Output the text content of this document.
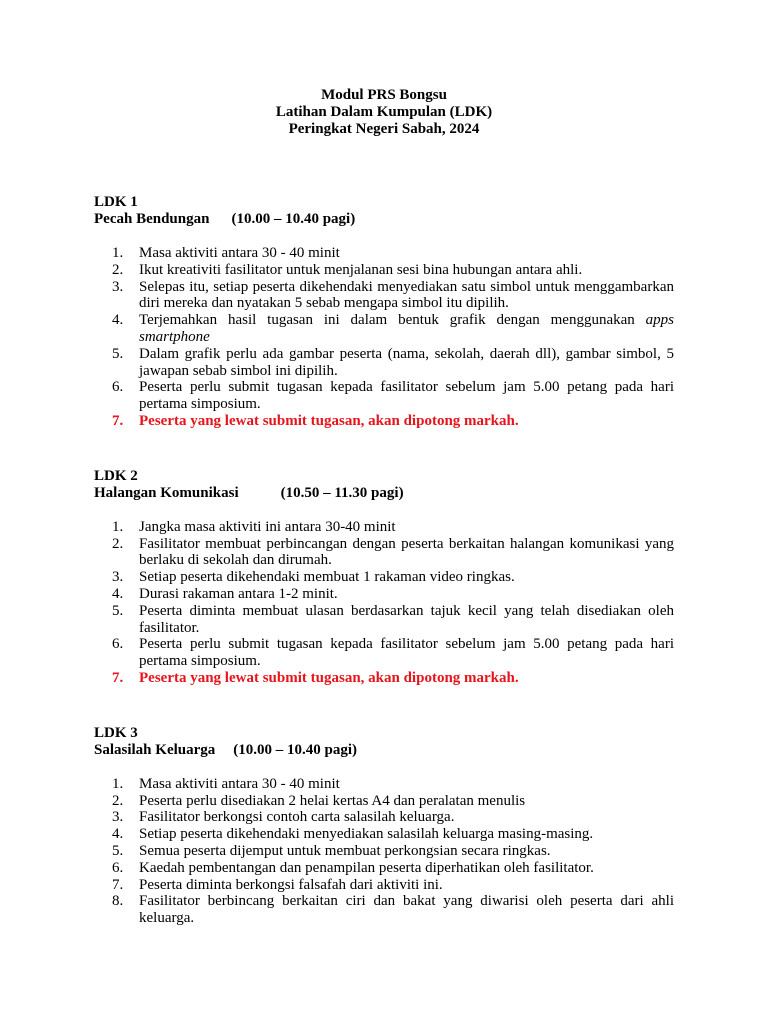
Modul PRS Bongsu
Latihan Dalam Kumpulan (LDK)
Peringkat Negeri Sabah, 2024
LDK 1
Pecah Bendungan (10.00 – 10.40 pagi)
1.	Masa aktiviti antara 30 - 40 minit
2.	Ikut kreativiti fasilitator untuk menjalanan sesi bina hubungan antara ahli.
3.	Selepas itu, setiap peserta dikehendaki menyediakan satu simbol untuk menggambarkan diri mereka dan nyatakan 5 sebab mengapa simbol itu dipilih.
4.	Terjemahkan hasil tugasan ini dalam bentuk grafik dengan menggunakan apps smartphone
5.	Dalam grafik perlu ada gambar peserta (nama, sekolah, daerah dll), gambar simbol, 5 jawapan sebab simbol ini dipilih.
6.	Peserta perlu submit tugasan kepada fasilitator sebelum jam 5.00 petang pada hari pertama simposium.
7.	Peserta yang lewat submit tugasan, akan dipotong markah.
LDK 2
Halangan Komunikasi	(10.50 – 11.30 pagi)
1.	Jangka masa aktiviti ini antara 30-40 minit
2.	Fasilitator membuat perbincangan dengan peserta berkaitan halangan komunikasi yang berlaku di sekolah dan dirumah.
3.	Setiap peserta dikehendaki membuat 1 rakaman video ringkas.
4.	Durasi rakaman antara 1-2 minit.
5.	Peserta diminta membuat ulasan berdasarkan tajuk kecil yang telah disediakan oleh fasilitator.
6.	Peserta perlu submit tugasan kepada fasilitator sebelum jam 5.00 petang pada hari pertama simposium.
7.	Peserta yang lewat submit tugasan, akan dipotong markah.
LDK 3
Salasilah Keluarga (10.00 – 10.40 pagi)
1.	Masa aktiviti antara 30 - 40 minit
2.	Peserta perlu disediakan 2 helai kertas A4 dan peralatan menulis
3.	Fasilitator berkongsi contoh carta salasilah keluarga.
4.	Setiap peserta dikehendaki menyediakan salasilah keluarga masing-masing.
5.	Semua peserta dijemput untuk membuat perkongsian secara ringkas.
6.	Kaedah pembentangan dan penampilan peserta diperhatikan oleh fasilitator.
7.	Peserta diminta berkongsi falsafah dari aktiviti ini.
8.	Fasilitator berbincang berkaitan ciri dan bakat yang diwarisi oleh peserta dari ahli keluarga.
